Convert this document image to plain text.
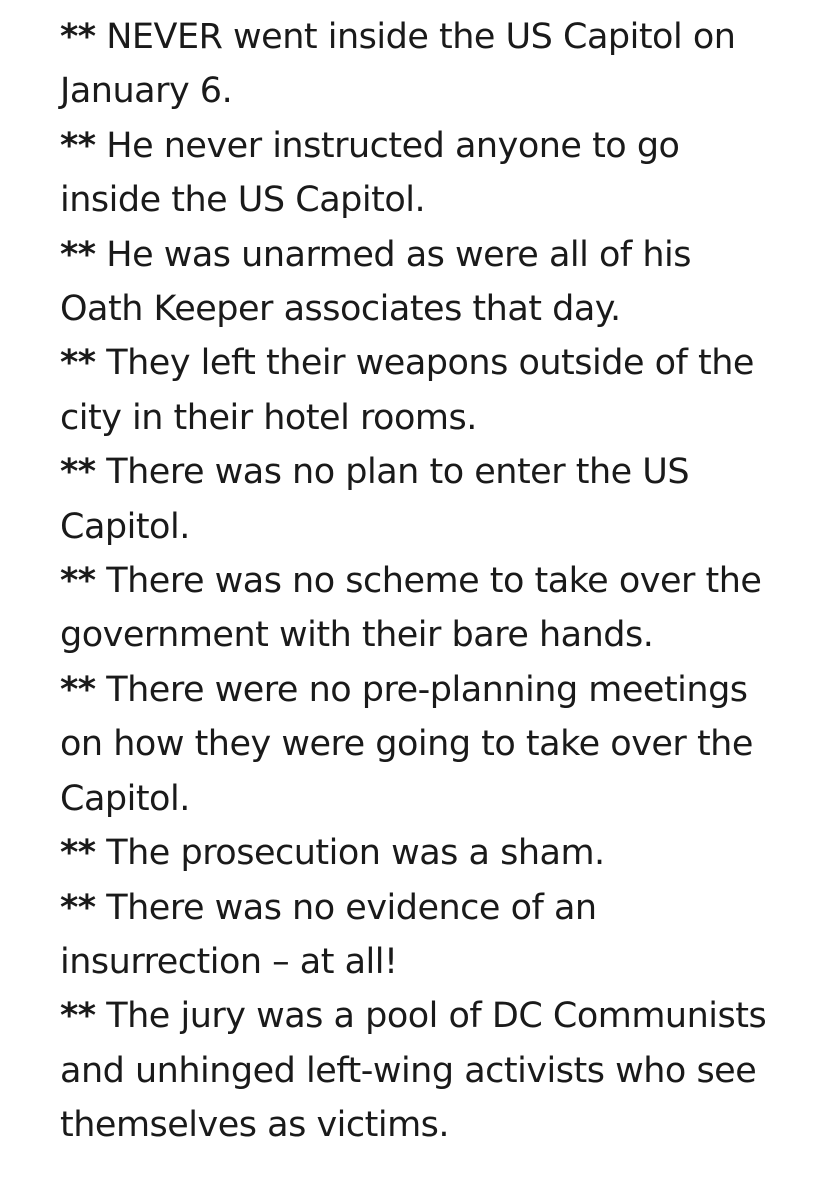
** NEVER went inside the US Capitol on January 6.

** He never instructed anyone to go inside the US Capitol.

** He was unarmed as were all of his Oath Keeper associates that day.

** They left their weapons outside of the city in their hotel rooms.

** There was no plan to enter the US Capitol.

** There was no scheme to take over the government with their bare hands.

** There were no pre-planning meetings on how they were going to take over the Capitol.

** The prosecution was a sham.

** There was no evidence of an insurrection – at all!

** The jury was a pool of DC Communists and unhinged left-wing activists who see themselves as victims.
